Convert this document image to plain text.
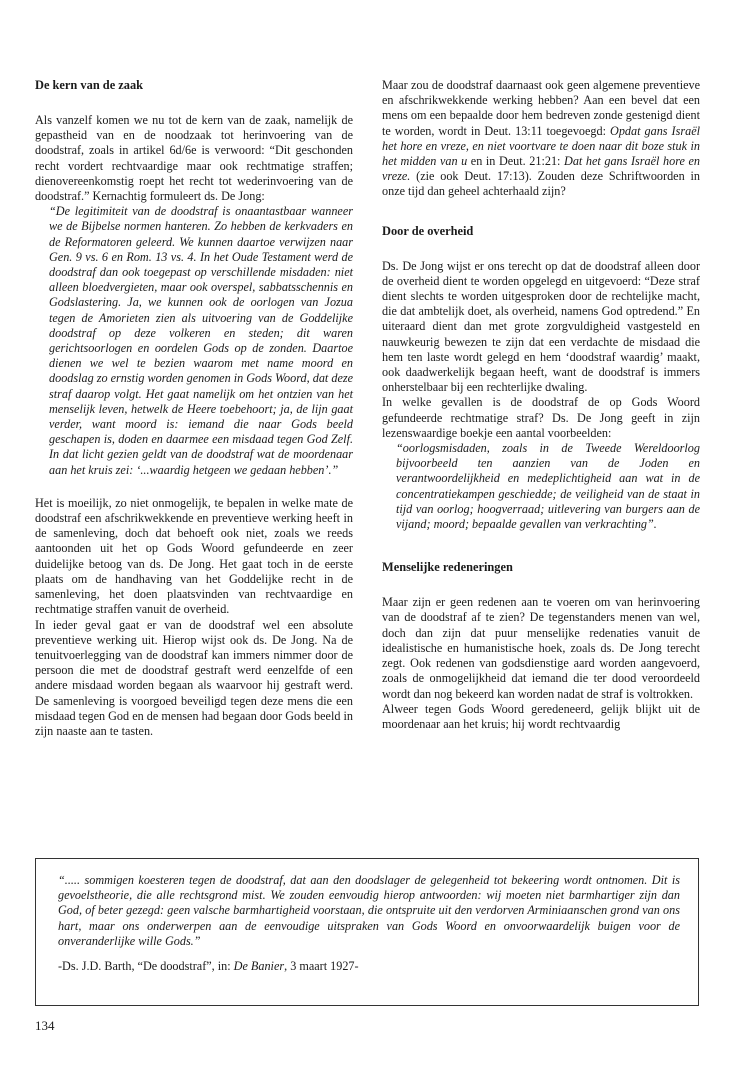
De kern van de zaak

Als vanzelf komen we nu tot de kern van de zaak, namelijk de gepastheid van en de noodzaak tot herinvoering van de doodstraf, zoals in artikel 6d/6e is verwoord: “Dit geschonden recht vordert rechtvaardige maar ook rechtmatige straffen; dienovereenkomstig roept het recht tot wederinvoering van de doodstraf.” Kernachtig formuleert ds. De Jong:

“De legitimiteit van de doodstraf is onaantastbaar wanneer we de Bijbelse normen hanteren. Zo hebben de kerkvaders en de Reformatoren geleerd. We kunnen daartoe verwijzen naar Gen. 9 vs. 6 en Rom. 13 vs. 4. In het Oude Testament werd de doodstraf dan ook toegepast op verschillende misdaden: niet alleen bloedvergieten, maar ook overspel, sabbatsschennis en Godslastering. Ja, we kunnen ook de oorlogen van Jozua tegen de Amorieten zien als uitvoering van de Goddelijke doodstraf op deze volkeren en steden; dit waren gerichtsoorlogen en oordelen Gods op de zonden. Daartoe dienen we wel te bezien waarom met name moord en doodslag zo ernstig worden genomen in Gods Woord, dat deze straf daarop volgt. Het gaat namelijk om het ontzien van het menselijk leven, hetwelk de Heere toebehoort; ja, de lijn gaat verder, want moord is: iemand die naar Gods beeld geschapen is, doden en daarmee een misdaad tegen God Zelf. In dat licht gezien geldt van de doodstraf wat de moordenaar aan het kruis zei: ‘...waardig hetgeen we gedaan hebben’.”

Het is moeilijk, zo niet onmogelijk, te bepalen in welke mate de doodstraf een afschrikwekkende en preventieve werking heeft in de samenleving, doch dat behoeft ook niet, zoals we reeds aantoonden uit het op Gods Woord gefundeerde en zeer duidelijke betoog van ds. De Jong. Het gaat toch in de eerste plaats om de handhaving van het Goddelijke recht in de samenleving, het doen plaatsvinden van rechtvaardige en rechtmatige straffen vanuit de overheid.

In ieder geval gaat er van de doodstraf wel een absolute preventieve werking uit. Hierop wijst ook ds. De Jong. Na de tenuitvoerlegging van de doodstraf kan immers nimmer door de persoon die met de doodstraf gestraft werd eenzelfde of een andere misdaad worden begaan als waarvoor hij gestraft werd. De samenleving is voorgoed beveiligd tegen deze mens die een misdaad tegen God en de mensen had begaan door Gods beeld in zijn naaste aan te tasten.

Maar zou de doodstraf daarnaast ook geen algemene preventieve en afschrikwekkende werking hebben? Aan een bevel dat een mens om een bepaalde door hem bedreven zonde gestenigd dient te worden, wordt in Deut. 13:11 toegevoegd: Opdat gans Israël het hore en vreze, en niet voortvare te doen naar dit boze stuk in het midden van u en in Deut. 21:21: Dat het gans Israël hore en vreze. (zie ook Deut. 17:13). Zouden deze Schriftwoorden in onze tijd dan geheel achterhaald zijn?

Door de overheid

Ds. De Jong wijst er ons terecht op dat de doodstraf alleen door de overheid dient te worden opgelegd en uitgevoerd: “Deze straf dient slechts te worden uitgesproken door de rechtelijke macht, die dat ambtelijk doet, als overheid, namens God optredend.” En uiteraard dient dan met grote zorgvuldigheid vastgesteld en nauwkeurig bewezen te zijn dat een verdachte de misdaad die hem ten laste wordt gelegd en hem ‘doodstraf waardig’ maakt, ook daadwerkelijk begaan heeft, want de doodstraf is immers onherstelbaar bij een rechterlijke dwaling.

In welke gevallen is de doodstraf de op Gods Woord gefundeerde rechtmatige straf? Ds. De Jong geeft in zijn lezenswaardige boekje een aantal voorbeelden:

“oorlogsmisdaden, zoals in de Tweede Wereldoorlog bijvoorbeeld ten aanzien van de Joden en verantwoordelijkheid en medeplichtigheid aan wat in de concentratiekampen geschiedde; de veiligheid van de staat in tijd van oorlog; hoogverraad; uitlevering van burgers aan de vijand; moord; bepaalde gevallen van verkrachting”.

Menselijke redeneringen

Maar zijn er geen redenen aan te voeren om van herinvoering van de doodstraf af te zien? De tegenstanders menen van wel, doch dan zijn dat puur menselijke redenaties vanuit de idealistische en humanistische hoek, zoals ds. De Jong terecht zegt. Ook redenen van godsdienstige aard worden aangevoerd, zoals de onmogelijkheid dat iemand die ter dood veroordeeld wordt dan nog bekeerd kan worden nadat de straf is voltrokken.

Alweer tegen Gods Woord geredeneerd, gelijk blijkt uit de moordenaar aan het kruis; hij wordt rechtvaardig

“..... sommigen koesteren tegen de doodstraf, dat aan den doodslager de gelegenheid tot bekeering wordt ontnomen. Dit is gevoelstheorie, die alle rechtsgrond mist. We zouden eenvoudig hierop antwoorden: wij moeten niet barmhartiger zijn dan God, of beter gezegd: geen valsche barmhartigheid voorstaan, die ontspruite uit den verdorven Arminiaanschen grond van ons hart, maar ons onderwerpen aan de eenvoudige uitspraken van Gods Woord en onvoorwaardelijk buigen voor de onveranderlijke wille Gods.”

-Ds. J.D. Barth, “De doodstraf”, in: De Banier, 3 maart 1927-

134
